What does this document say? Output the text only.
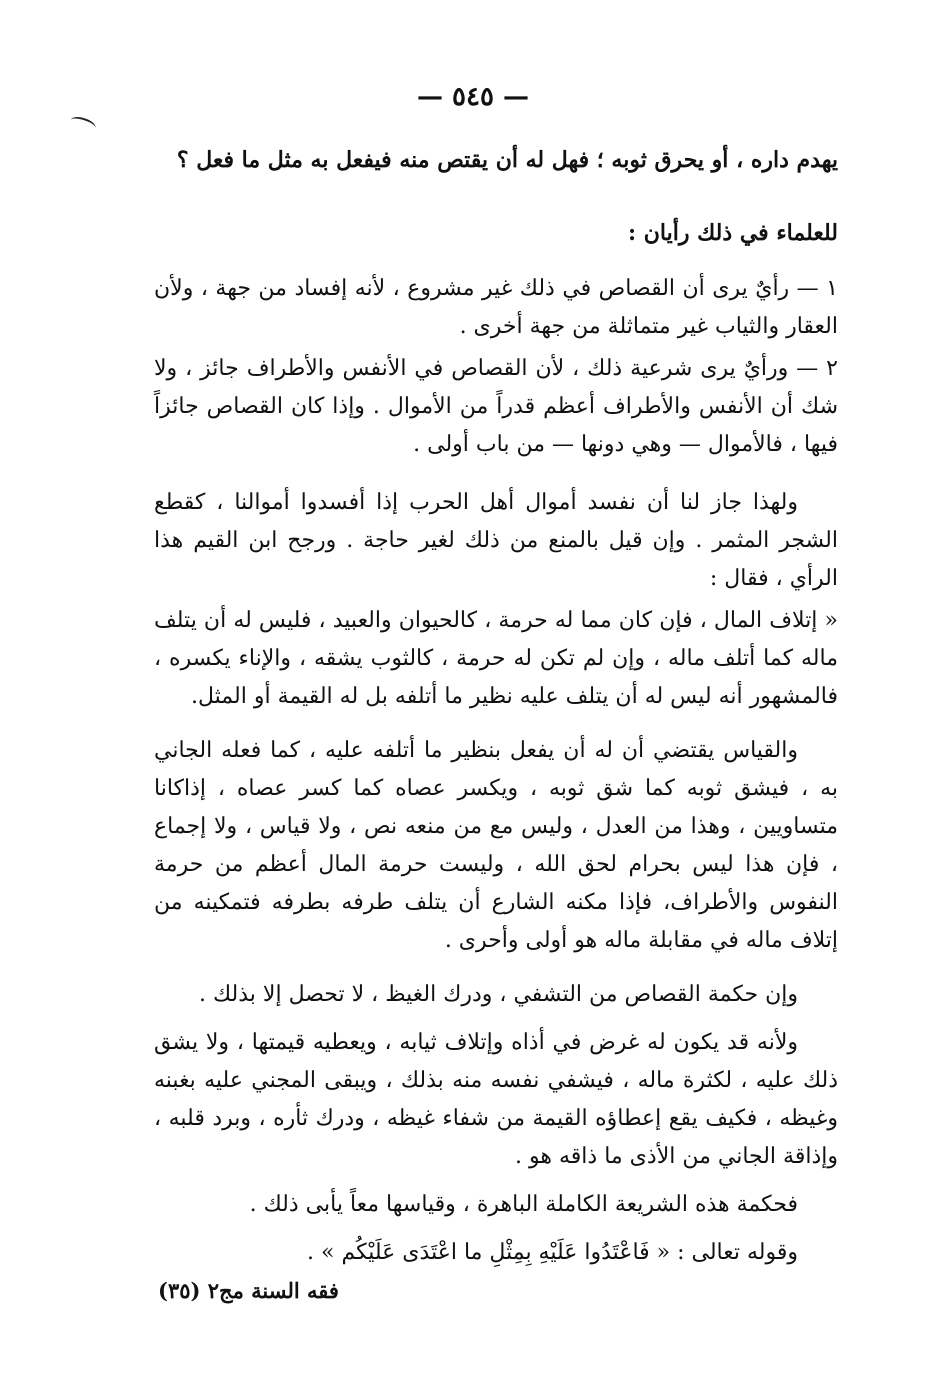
— ٥٤٥ —
يهدم داره ، أو يحرق ثوبه ؛ فهل له أن يقتص منه فيفعل به مثل ما فعل ؟
للعلماء في ذلك رأيان :

١ — رأيٌ يرى أن القصاص في ذلك غير مشروع ، لأنه إفساد من جهة ، ولأن العقار والثياب غير متماثلة من جهة أخرى .

٢ — ورأيٌ يرى شرعية ذلك ، لأن القصاص في الأنفس والأطراف جائز ، ولا شك أن الأنفس والأطراف أعظم قدراً من الأموال . وإذا كان القصاص جائزاً فيها ، فالأموال — وهي دونها — من باب أولى .

ولهذا جاز لنا أن نفسد أموال أهل الحرب إذا أفسدوا أموالنا ، كقطع الشجر المثمر . وإن قيل بالمنع من ذلك لغير حاجة . ورجح ابن القيم هذا الرأي ، فقال :

« إتلاف المال ، فإن كان مما له حرمة ، كالحيوان والعبيد ، فليس له أن يتلف ماله كما أتلف ماله ، وإن لم تكن له حرمة ، كالثوب يشقه ، والإناء يكسره ، فالمشهور أنه ليس له أن يتلف عليه نظير ما أتلفه بل له القيمة أو المثل.

والقياس يقتضي أن له أن يفعل بنظير ما أتلفه عليه ، كما فعله الجاني به ، فيشق ثوبه كما شق ثوبه ، ويكسر عصاه كما كسر عصاه ، إذاكانا متساويين ، وهذا من العدل ، وليس مع من منعه نص ، ولا قياس ، ولا إجماع ، فإن هذا ليس بحرام لحق الله ، وليست حرمة المال أعظم من حرمة النفوس والأطراف، فإذا مكنه الشارع أن يتلف طرفه بطرفه فتمكينه من إتلاف ماله في مقابلة ماله هو أولى وأحرى .

وإن حكمة القصاص من التشفي ، ودرك الغيظ ، لا تحصل إلا بذلك .

ولأنه قد يكون له غرض في أذاه وإتلاف ثيابه ، ويعطيه قيمتها ، ولا يشق ذلك عليه ، لكثرة ماله ، فيشفي نفسه منه بذلك ، ويبقى المجني عليه بغبنه وغيظه ، فكيف يقع إعطاؤه القيمة من شفاء غيظه ، ودرك ثأره ، وبرد قلبه ، وإذاقة الجاني من الأذى ما ذاقه هو .

فحكمة هذه الشريعة الكاملة الباهرة ، وقياسها معاً يأبى ذلك .

وقوله تعالى : « فَاعْتَدُوا عَلَيْهِ بِمِثْلِ ما اعْتَدَى عَلَيْكُم » .

فقه السنة مج٢ (٣٥)
